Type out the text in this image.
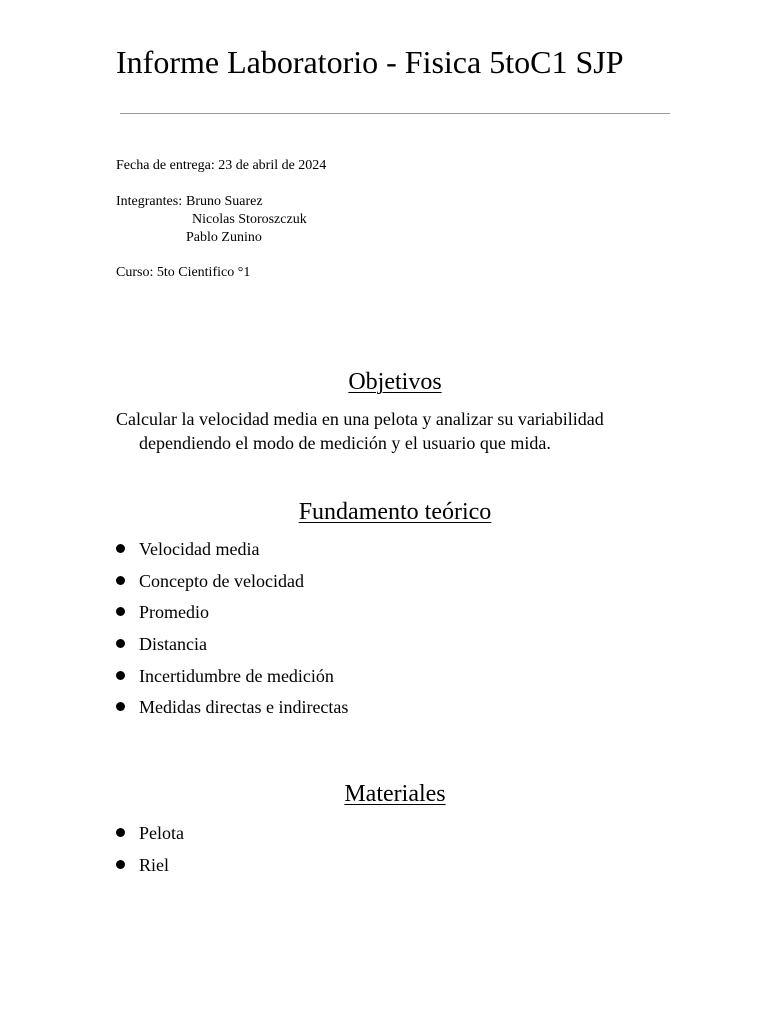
Informe Laboratorio - Fisica 5toC1 SJP
Fecha de entrega: 23 de abril de 2024
Integrantes: Bruno Suarez
Nicolas Storoszczuk
Pablo Zunino
Curso: 5to Cientifico °1
Objetivos

Calcular la velocidad media en una pelota y analizar su variabilidad dependiendo el modo de medición y el usuario que mida.

Fundamento teórico
Velocidad media
Concepto de velocidad
Promedio
Distancia
Incertidumbre de medición
Medidas directas e indirectas
Materiales
Pelota
Riel
